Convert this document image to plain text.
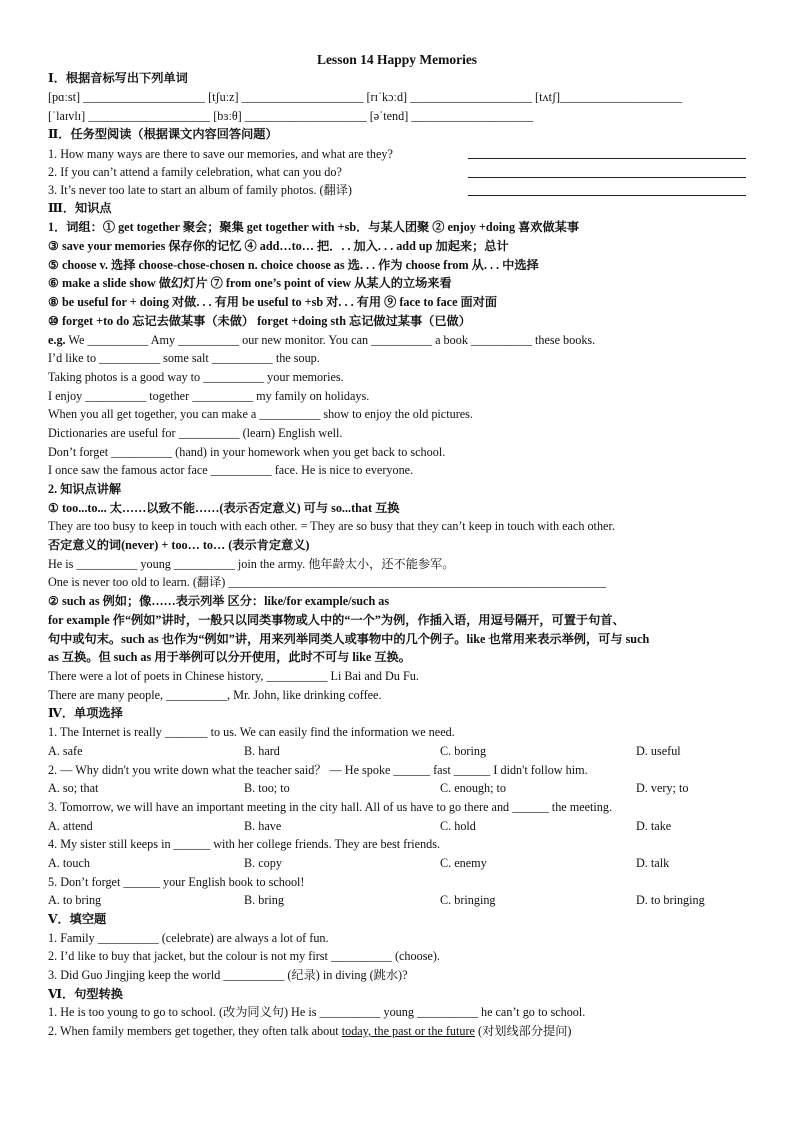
Lesson 14 Happy Memories
Ⅰ．根据音标写出下列单词
[pɑːst] ____________________ [tʃuːz] ____________________ [rɪˈkɔːd] ____________________ [tʌtʃ]____________________
[ˈlaɪvlɪ] ____________________ [bɜːθ] ____________________ [əˈtend] ____________________
Ⅱ．任务型阅读（根据课文内容回答问题）
1. How many ways are there to save our memories, and what are they?
2. If you can’t attend a family celebration, what can you do?
3. It’s never too late to start an album of family photos. (翻译)
Ⅲ．知识点
1．词组：① get together 聚会；聚集 get together with +sb．与某人团聚 ② enjoy +doing 喜欢做某事
③ save your memories 保存你的记忆 ④ add…to… 把．. . 加入. . . add up 加起来；总计
⑤ choose v. 选择 choose-chose-chosen n. choice choose as 选. . . 作为 choose from 从. . . 中选择
⑥ make a slide show 做幻灯片 ⑦ from one’s point of view 从某人的立场来看
⑧ be useful for + doing 对做. . . 有用 be useful to +sb 对. . . 有用 ⑨ face to face 面对面
⑩ forget +to do 忘记去做某事（未做） forget +doing sth 忘记做过某事（已做）
e.g. We __________ Amy __________ our new monitor. You can __________ a book __________ these books.
I’d like to __________ some salt __________ the soup.
Taking photos is a good way to __________ your memories.
I enjoy __________ together __________ my family on holidays.
When you all get together, you can make a __________ show to enjoy the old pictures.
Dictionaries are useful for __________ (learn) English well.
Don’t forget __________ (hand) in your homework when you get back to school.
I once saw the famous actor face __________ face. He is nice to everyone.
2. 知识点讲解
① too...to... 太……以致不能……(表示否定意义) 可与 so...that 互换
They are too busy to keep in touch with each other. = They are so busy that they can’t keep in touch with each other.
否定意义的词(never) + too… to… (表示肯定意义)
He is __________ young __________ join the army. 他年龄太小，还不能参军。
One is never too old to learn. (翻译) ______________________________________________________________
② such as 例如；像……表示列举 区分：like/for example/such as
for example 作“例如”讲时，一般只以同类事物或人中的“一个”为例，作插入语，用逗号隔开，可置于句首、
句中或句末。such as 也作为“例如”讲，用来列举同类人或事物中的几个例子。like 也常用来表示举例，可与 such
as 互换。但 such as 用于举例可以分开使用，此时不可与 like 互换。
There were a lot of poets in Chinese history, __________ Li Bai and Du Fu.
There are many people, __________, Mr. John, like drinking coffee.
Ⅳ．单项选择
1. The Internet is really _______ to us. We can easily find the information we need.
A. safe	B. hard	C. boring	D. useful
2. — Why didn't you write down what the teacher said？ — He spoke ______ fast ______ I didn't follow him.
A. so; that	B. too; to	C. enough; to	D. very; to
3. Tomorrow, we will have an important meeting in the city hall. All of us have to go there and ______ the meeting.
A. attend	B. have	C. hold	D. take
4. My sister still keeps in ______ with her college friends. They are best friends.
A. touch	B. copy	C. enemy	D. talk
5. Don’t forget ______ your English book to school!
A. to bring	B. bring	C. bringing	D. to bringing
Ⅴ．填空题
1. Family __________ (celebrate) are always a lot of fun.
2. I’d like to buy that jacket, but the colour is not my first __________ (choose).
3. Did Guo Jingjing keep the world __________ (纪录) in diving (跳水)?
Ⅵ．句型转换
1. He is too young to go to school. (改为同义句) He is __________ young __________ he can’t go to school.
2. When family members get together, they often talk about today, the past or the future (对划线部分提问)
